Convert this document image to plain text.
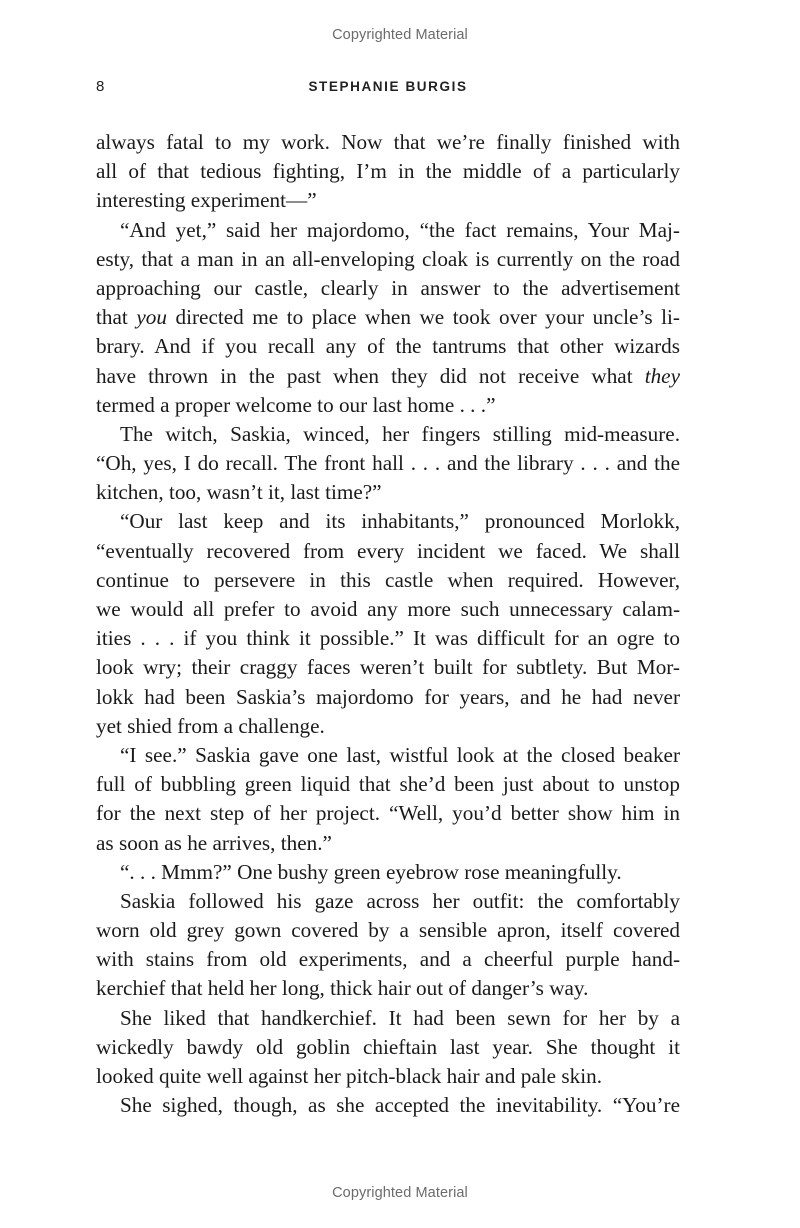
Copyrighted Material
8	STEPHANIE BURGIS
always fatal to my work. Now that we’re finally finished with
all of that tedious fighting, I’m in the middle of a particularly
interesting experiment—”
“And yet,” said her majordomo, “the fact remains, Your Maj-
esty, that a man in an all-enveloping cloak is currently on the road
approaching our castle, clearly in answer to the advertisement
that you directed me to place when we took over your uncle’s li-
brary. And if you recall any of the tantrums that other wizards
have thrown in the past when they did not receive what they
termed a proper welcome to our last home . . .”
The witch, Saskia, winced, her fingers stilling mid-measure.
“Oh, yes, I do recall. The front hall . . . and the library . . . and the
kitchen, too, wasn’t it, last time?”
“Our last keep and its inhabitants,” pronounced Morlokk,
“eventually recovered from every incident we faced. We shall
continue to persevere in this castle when required. However,
we would all prefer to avoid any more such unnecessary calam-
ities . . . if you think it possible.” It was difficult for an ogre to
look wry; their craggy faces weren’t built for subtlety. But Mor-
lokk had been Saskia’s majordomo for years, and he had never
yet shied from a challenge.
“I see.” Saskia gave one last, wistful look at the closed beaker
full of bubbling green liquid that she’d been just about to unstop
for the next step of her project. “Well, you’d better show him in
as soon as he arrives, then.”
“. . . Mmm?” One bushy green eyebrow rose meaningfully.
Saskia followed his gaze across her outfit: the comfortably
worn old grey gown covered by a sensible apron, itself covered
with stains from old experiments, and a cheerful purple hand-
kerchief that held her long, thick hair out of danger’s way.
She liked that handkerchief. It had been sewn for her by a
wickedly bawdy old goblin chieftain last year. She thought it
looked quite well against her pitch-black hair and pale skin.
She sighed, though, as she accepted the inevitability. “You’re
Copyrighted Material
